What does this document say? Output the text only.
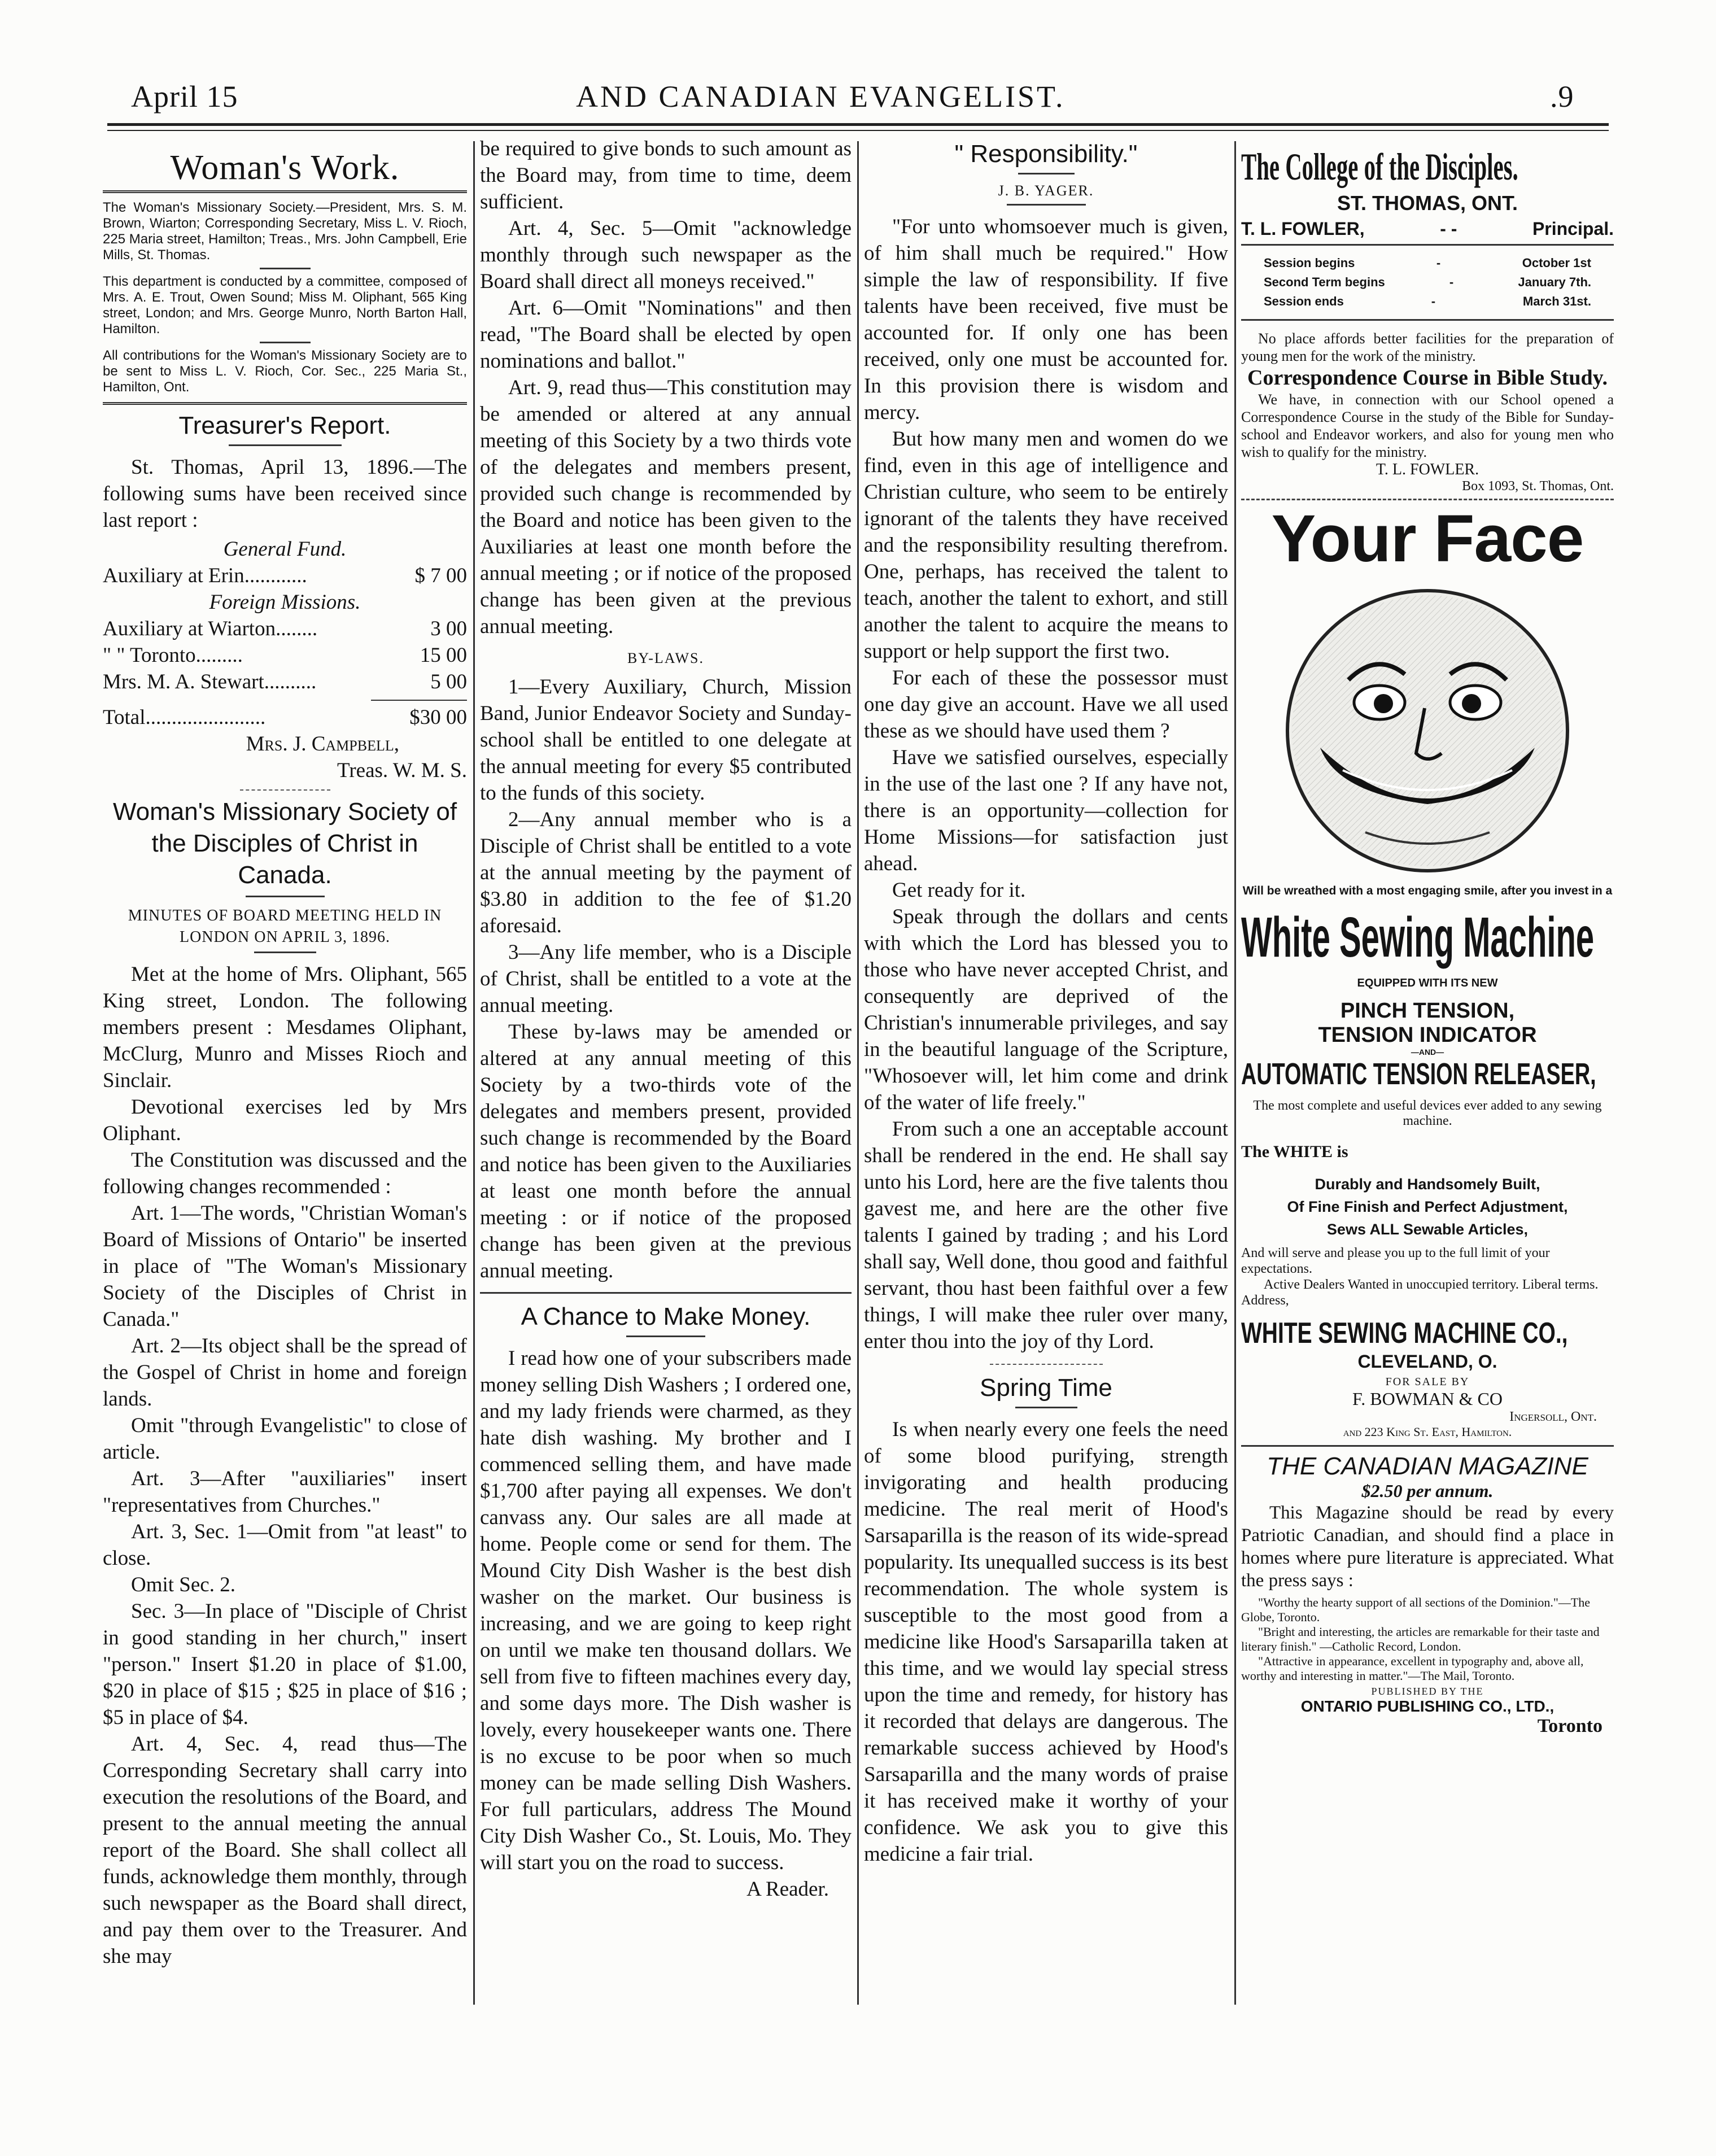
April 15	AND CANADIAN EVANGELIST.	.9
Woman's Work.
The Woman's Missionary Society.—President, Mrs. S. M. Brown, Wiarton; Corresponding Secretary, Miss L. V. Rioch, 225 Maria street, Hamilton; Treas., Mrs. John Campbell, Erie Mills, St. Thomas.
This department is conducted by a committee, composed of Mrs. A. E. Trout, Owen Sound; Miss M. Oliphant, 565 King street, London; and Mrs. George Munro, North Barton Hall, Hamilton.
All contributions for the Woman's Missionary Society are to be sent to Miss L. V. Rioch, Cor. Sec., 225 Maria St., Hamilton, Ont.
Treasurer's Report.

St. Thomas, April 13, 1896.—The following sums have been received since last report :

General Fund.
Auxiliary at Erin............	$ 7 00
Foreign Missions.
Auxiliary at Wiarton........	3 00
" " Toronto.........	15 00
Mrs. M. A. Stewart..........	5 00
Total.......................	$30 00
Mrs. J. Campbell,
Treas. W. M. S.
Woman's Missionary Society of the Disciples of Christ in Canada.
MINUTES OF BOARD MEETING HELD IN LONDON ON APRIL 3, 1896.

Met at the home of Mrs. Oliphant, 565 King street, London. The following members present : Mesdames Oliphant, McClurg, Munro and Misses Rioch and Sinclair.

Devotional exercises led by Mrs Oliphant.

The Constitution was discussed and the following changes recommended :

Art. 1—The words, "Christian Woman's Board of Missions of Ontario" be inserted in place of "The Woman's Missionary Society of the Disciples of Christ in Canada."

Art. 2—Its object shall be the spread of the Gospel of Christ in home and foreign lands.

Omit "through Evangelistic" to close of article.

Art. 3—After "auxiliaries" insert "representatives from Churches."

Art. 3, Sec. 1—Omit from "at least" to close.

Omit Sec. 2.

Sec. 3—In place of "Disciple of Christ in good standing in her church," insert "person." Insert $1.20 in place of $1.00, $20 in place of $15 ; $25 in place of $16 ; $5 in place of $4.

Art. 4, Sec. 4, read thus—The Corresponding Secretary shall carry into execution the resolutions of the Board, and present to the annual meeting the annual report of the Board. She shall collect all funds, acknowledge them monthly, through such newspaper as the Board shall direct, and pay them over to the Treasurer. And she may

be required to give bonds to such amount as the Board may, from time to time, deem sufficient.

Art. 4, Sec. 5—Omit "acknowledge monthly through such newspaper as the Board shall direct all moneys received."

Art. 6—Omit "Nominations" and then read, "The Board shall be elected by open nominations and ballot."

Art. 9, read thus—This constitution may be amended or altered at any annual meeting of this Society by a two thirds vote of the delegates and members present, provided such change is recommended by the Board and notice has been given to the Auxiliaries at least one month before the annual meeting ; or if notice of the proposed change has been given at the previous annual meeting.

BY-LAWS.

1—Every Auxiliary, Church, Mission Band, Junior Endeavor Society and Sunday-school shall be entitled to one delegate at the annual meeting for every $5 contributed to the funds of this society.

2—Any annual member who is a Disciple of Christ shall be entitled to a vote at the annual meeting by the payment of $3.80 in addition to the fee of $1.20 aforesaid.

3—Any life member, who is a Disciple of Christ, shall be entitled to a vote at the annual meeting.

These by-laws may be amended or altered at any annual meeting of this Society by a two-thirds vote of the delegates and members present, provided such change is recommended by the Board and notice has been given to the Auxiliaries at least one month before the annual meeting : or if notice of the proposed change has been given at the previous annual meeting.

A Chance to Make Money.

I read how one of your subscribers made money selling Dish Washers ; I ordered one, and my lady friends were charmed, as they hate dish washing. My brother and I commenced selling them, and have made $1,700 after paying all expenses. We don't canvass any. Our sales are all made at home. People come or send for them. The Mound City Dish Washer is the best dish washer on the market. Our business is increasing, and we are going to keep right on until we make ten thousand dollars. We sell from five to fifteen machines every day, and some days more. The Dish washer is lovely, every housekeeper wants one. There is no excuse to be poor when so much money can be made selling Dish Washers. For full particulars, address The Mound City Dish Washer Co., St. Louis, Mo. They will start you on the road to success.

A Reader.
" Responsibility."
J. B. YAGER.

"For unto whomsoever much is given, of him shall much be required." How simple the law of responsibility. If five talents have been received, five must be accounted for. If only one has been received, only one must be accounted for. In this provision there is wisdom and mercy.

But how many men and women do we find, even in this age of intelligence and Christian culture, who seem to be entirely ignorant of the talents they have received and the responsibility resulting therefrom. One, perhaps, has received the talent to teach, another the talent to exhort, and still another the talent to acquire the means to support or help support the first two.

For each of these the possessor must one day give an account. Have we all used these as we should have used them ?

Have we satisfied ourselves, especially in the use of the last one ? If any have not, there is an opportunity—collection for Home Missions—for satisfaction just ahead.

Get ready for it.

Speak through the dollars and cents with which the Lord has blessed you to those who have never accepted Christ, and consequently are deprived of the Christian's innumerable privileges, and say in the beautiful language of the Scripture, "Whosoever will, let him come and drink of the water of life freely."

From such a one an acceptable account shall be rendered in the end. He shall say unto his Lord, here are the five talents thou gavest me, and here are the other five talents I gained by trading ; and his Lord shall say, Well done, thou good and faithful servant, thou hast been faithful over a few things, I will make thee ruler over many, enter thou into the joy of thy Lord.

Spring Time

Is when nearly every one feels the need of some blood purifying, strength invigorating and health producing medicine. The real merit of Hood's Sarsaparilla is the reason of its wide-spread popularity. Its unequalled success is its best recommendation. The whole system is susceptible to the most good from a medicine like Hood's Sarsaparilla taken at this time, and we would lay special stress upon the time and remedy, for history has it recorded that delays are dangerous. The remarkable success achieved by Hood's Sarsaparilla and the many words of praise it has received make it worthy of your confidence. We ask you to give this medicine a fair trial.

The College of the Disciples.
ST. THOMAS, ONT.
T. L. FOWLER,	- -	Principal.
Session begins	-	October 1st
Second Term begins	-	January 7th.
Session ends	-	March 31st.
No place affords better facilities for the preparation of young men for the work of the ministry.
Correspondence Course in Bible Study.
We have, in connection with our School opened a Correspondence Course in the study of the Bible for Sunday-school and Endeavor workers, and also for young men who wish to qualify for the ministry.
T. L. FOWLER.
Box 1093, St. Thomas, Ont.
Your Face
Will be wreathed with a most engaging smile, after you invest in a
White Sewing Machine
EQUIPPED WITH ITS NEW
PINCH TENSION,
TENSION INDICATOR
—AND—
AUTOMATIC TENSION RELEASER,
The most complete and useful devices ever added to any sewing machine.
The WHITE is
Durably and Handsomely Built,
Of Fine Finish and Perfect Adjustment,
Sews ALL Sewable Articles,
And will serve and please you up to the full limit of your expectations.
Active Dealers Wanted in unoccupied territory. Liberal terms. Address,
WHITE SEWING MACHINE CO.,
CLEVELAND, O.
FOR SALE BY
F. BOWMAN & CO
Ingersoll, Ont.
and 223 King St. East, Hamilton.
THE CANADIAN MAGAZINE
$2.50 per annum.

This Magazine should be read by every Patriotic Canadian, and should find a place in homes where pure literature is appreciated. What the press says :

"Worthy the hearty support of all sections of the Dominion."—The Globe, Toronto.
"Bright and interesting, the articles are remarkable for their taste and literary finish." —Catholic Record, London.
"Attractive in appearance, excellent in typography and, above all, worthy and interesting in matter."—The Mail, Toronto.
PUBLISHED BY THE
ONTARIO PUBLISHING CO., LTD.,
Toronto
